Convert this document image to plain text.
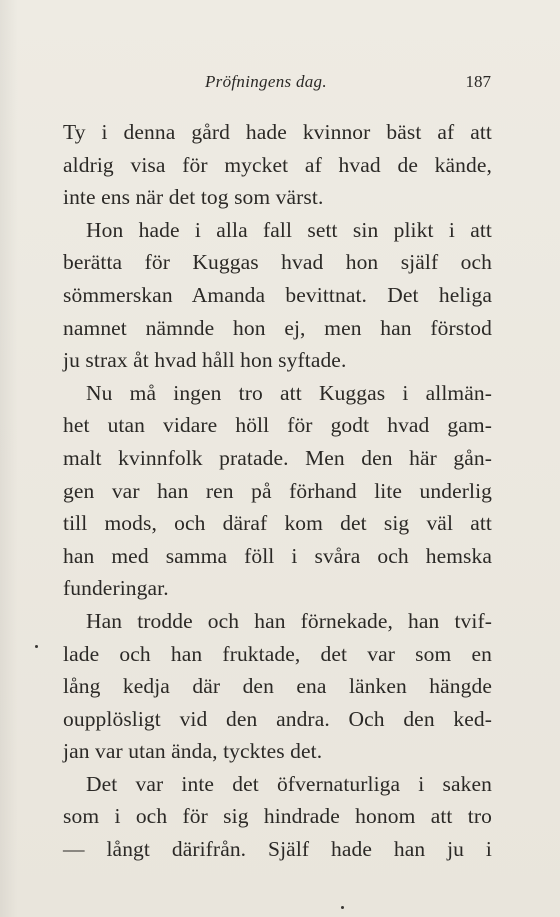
Pröfningens dag.	187
Ty i denna gård hade kvinnor bäst af att
aldrig visa för mycket af hvad de kände,
inte ens när det tog som värst.
Hon hade i alla fall sett sin plikt i att
berätta för Kuggas hvad hon själf och
sömmerskan Amanda bevittnat. Det heliga
namnet nämnde hon ej, men han förstod
ju strax åt hvad håll hon syftade.
Nu må ingen tro att Kuggas i allmän-
het utan vidare höll för godt hvad gam-
malt kvinnfolk pratade. Men den här gån-
gen var han ren på förhand lite underlig
till mods, och däraf kom det sig väl att
han med samma föll i svåra och hemska
funderingar.
Han trodde och han förnekade, han tvif-
lade och han fruktade, det var som en
lång kedja där den ena länken hängde
oupplösligt vid den andra. Och den ked-
jan var utan ända, tycktes det.
Det var inte det öfvernaturliga i saken
som i och för sig hindrade honom att tro
— långt därifrån. Själf hade han ju i
